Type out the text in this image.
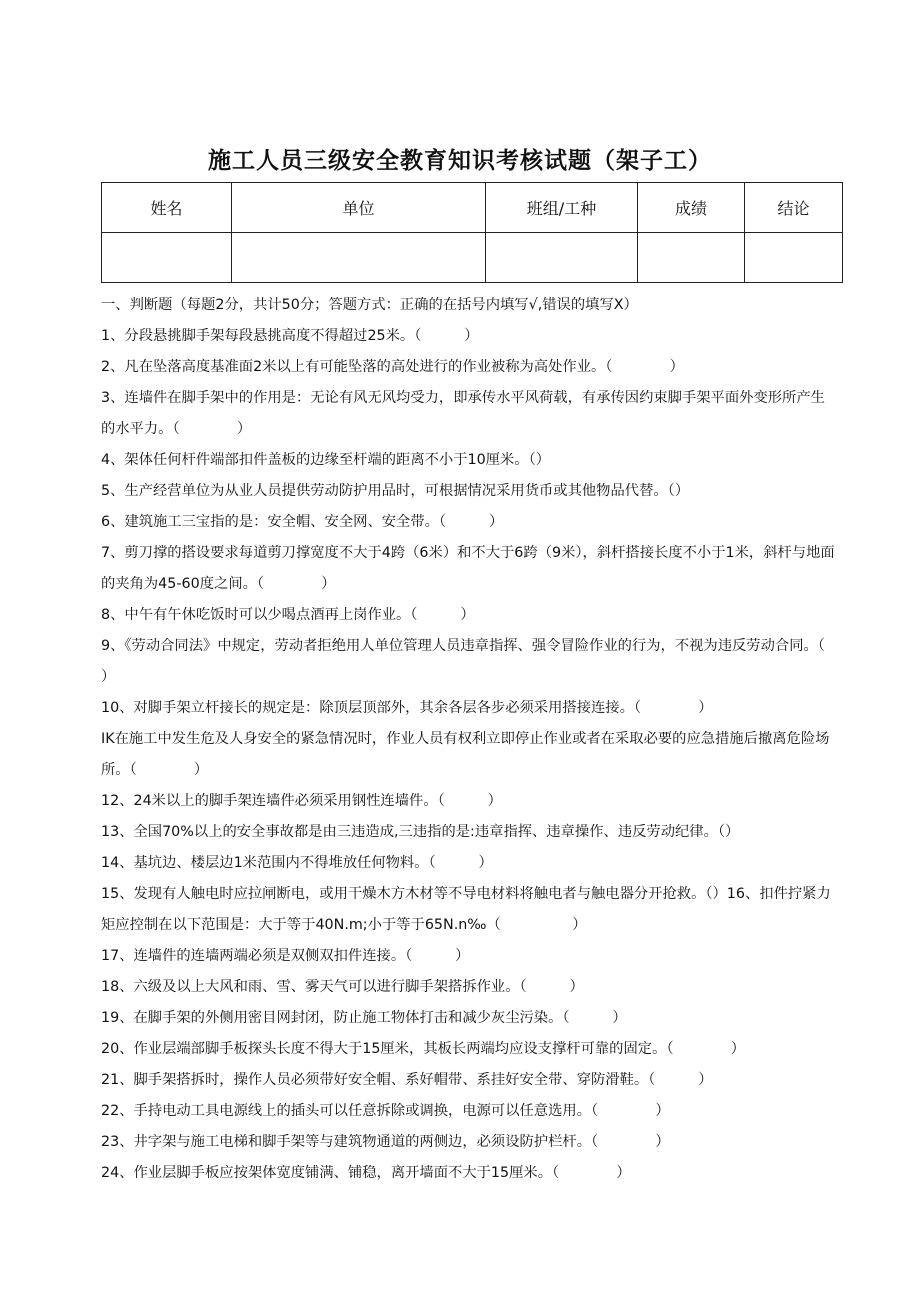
施工人员三级安全教育知识考核试题（架子工）
姓名	单位	班组/工种	成绩	结论

一、判断题（每题2分，共计50分；答题方式：正确的在括号内填写√,错误的填写X）
1、分段悬挑脚手架每段悬挑高度不得超过25米。（　　　）
2、凡在坠落高度基准面2米以上有可能坠落的高处进行的作业被称为高处作业。（　　　　）
3、连墙件在脚手架中的作用是：无论有风无风均受力，即承传水平风荷载，有承传因约束脚手架平面外变形所产生的水平力。（　　　　）
4、架体任何杆件端部扣件盖板的边缘至杆端的距离不小于10厘米。（）
5、生产经营单位为从业人员提供劳动防护用品时，可根据情况采用货币或其他物品代替。（）
6、建筑施工三宝指的是：安全帽、安全网、安全带。（　　　）
7、剪刀撑的搭设要求每道剪刀撑宽度不大于4跨（6米）和不大于6跨（9米），斜杆搭接长度不小于1米，斜杆与地面的夹角为45-60度之间。（　　　　）
8、中午有午休吃饭时可以少喝点酒再上岗作业。（　　　）
9、《劳动合同法》中规定，劳动者拒绝用人单位管理人员违章指挥、强令冒险作业的行为，不视为违反劳动合同。（　　　　）
10、对脚手架立杆接长的规定是：除顶层顶部外，其余各层各步必须采用搭接连接。（　　　　）
IK在施工中发生危及人身安全的紧急情况时，作业人员有权利立即停止作业或者在采取必要的应急措施后撤离危险场所。（　　　　）
12、24米以上的脚手架连墙件必须采用钢性连墙件。（　　　）
13、全国70%以上的安全事故都是由三违造成,三违指的是:违章指挥、违章操作、违反劳动纪律。（）
14、基坑边、楼层边1米范围内不得堆放任何物料。（　　　）
15、发现有人触电时应拉闸断电，或用干燥木方木材等不导电材料将触电者与触电器分开抢救。（）16、扣件拧紧力矩应控制在以下范围是：大于等于40N.m;小于等于65N.n‰（　　　　　）
17、连墙件的连墙两端必须是双侧双扣件连接。（　　　）
18、六级及以上大风和雨、雪、雾天气可以进行脚手架搭拆作业。（　　　）
19、在脚手架的外侧用密目网封闭，防止施工物体打击和减少灰尘污染。（　　　）
20、作业层端部脚手板探头长度不得大于15厘米，其板长两端均应设支撑杆可靠的固定。（　　　　）
21、脚手架搭拆时，操作人员必须带好安全帽、系好帽带、系挂好安全带、穿防滑鞋。（　　　）
22、手持电动工具电源线上的插头可以任意拆除或调换，电源可以任意选用。（　　　　）
23、井字架与施工电梯和脚手架等与建筑物通道的两侧边，必须设防护栏杆。（　　　　）
24、作业层脚手板应按架体宽度铺满、铺稳，离开墙面不大于15厘米。（　　　　）
